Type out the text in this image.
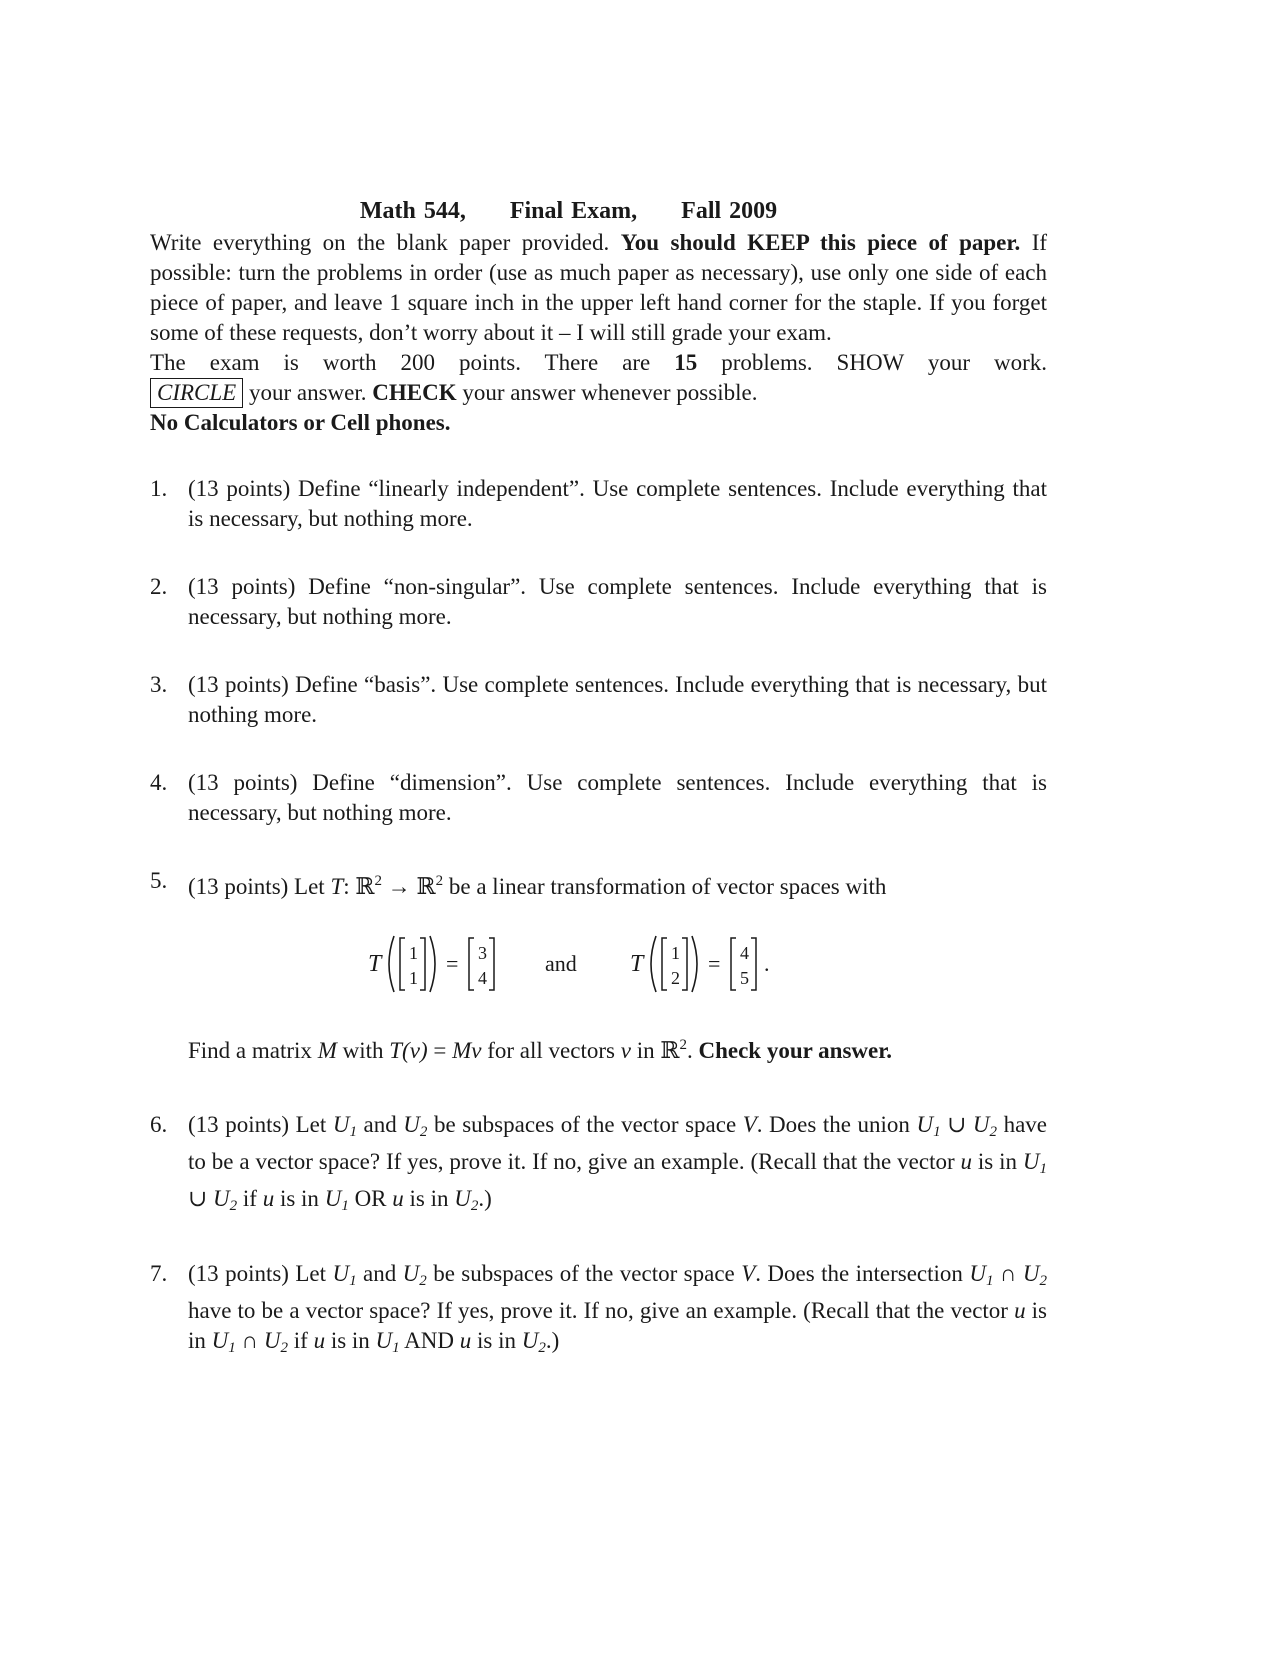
Math 544, Final Exam, Fall 2009
Write everything on the blank paper provided. You should KEEP this piece of paper. If possible: turn the problems in order (use as much paper as necessary), use only one side of each piece of paper, and leave 1 square inch in the upper left hand corner for the staple. If you forget some of these requests, don’t worry about it – I will still grade your exam.
The exam is worth 200 points. There are 15 problems. SHOW your work.
CIRCLE your answer. CHECK your answer whenever possible.
No Calculators or Cell phones.
1. (13 points) Define “linearly independent”. Use complete sentences. Include everything that is necessary, but nothing more.
2. (13 points) Define “non-singular”. Use complete sentences. Include everything that is necessary, but nothing more.
3. (13 points) Define “basis”. Use complete sentences. Include everything that is necessary, but nothing more.
4. (13 points) Define “dimension”. Use complete sentences. Include everything that is necessary, but nothing more.
5. (13 points) Let T: ℝ$^2$ → ℝ$^2$ be a linear transformation of vector spaces with
T 1
1
= 3
4
and T 1
2
= 4
5
.
Find a matrix M with T(v) = Mv for all vectors v in ℝ$^2$. Check your answer.
6. (13 points) Let $U_1$ and $U_2$ be subspaces of the vector space V. Does the union $U_1$ ∪ $U_2$ have to be a vector space? If yes, prove it. If no, give an example. (Recall that the vector u is in $U_1$ ∪ $U_2$ if u is in $U_1$ OR u is in $U_2$.)
7. (13 points) Let $U_1$ and $U_2$ be subspaces of the vector space V. Does the intersection $U_1$ ∩ $U_2$ have to be a vector space? If yes, prove it. If no, give an example. (Recall that the vector u is in $U_1$ ∩ $U_2$ if u is in $U_1$ AND u is in $U_2$.)
